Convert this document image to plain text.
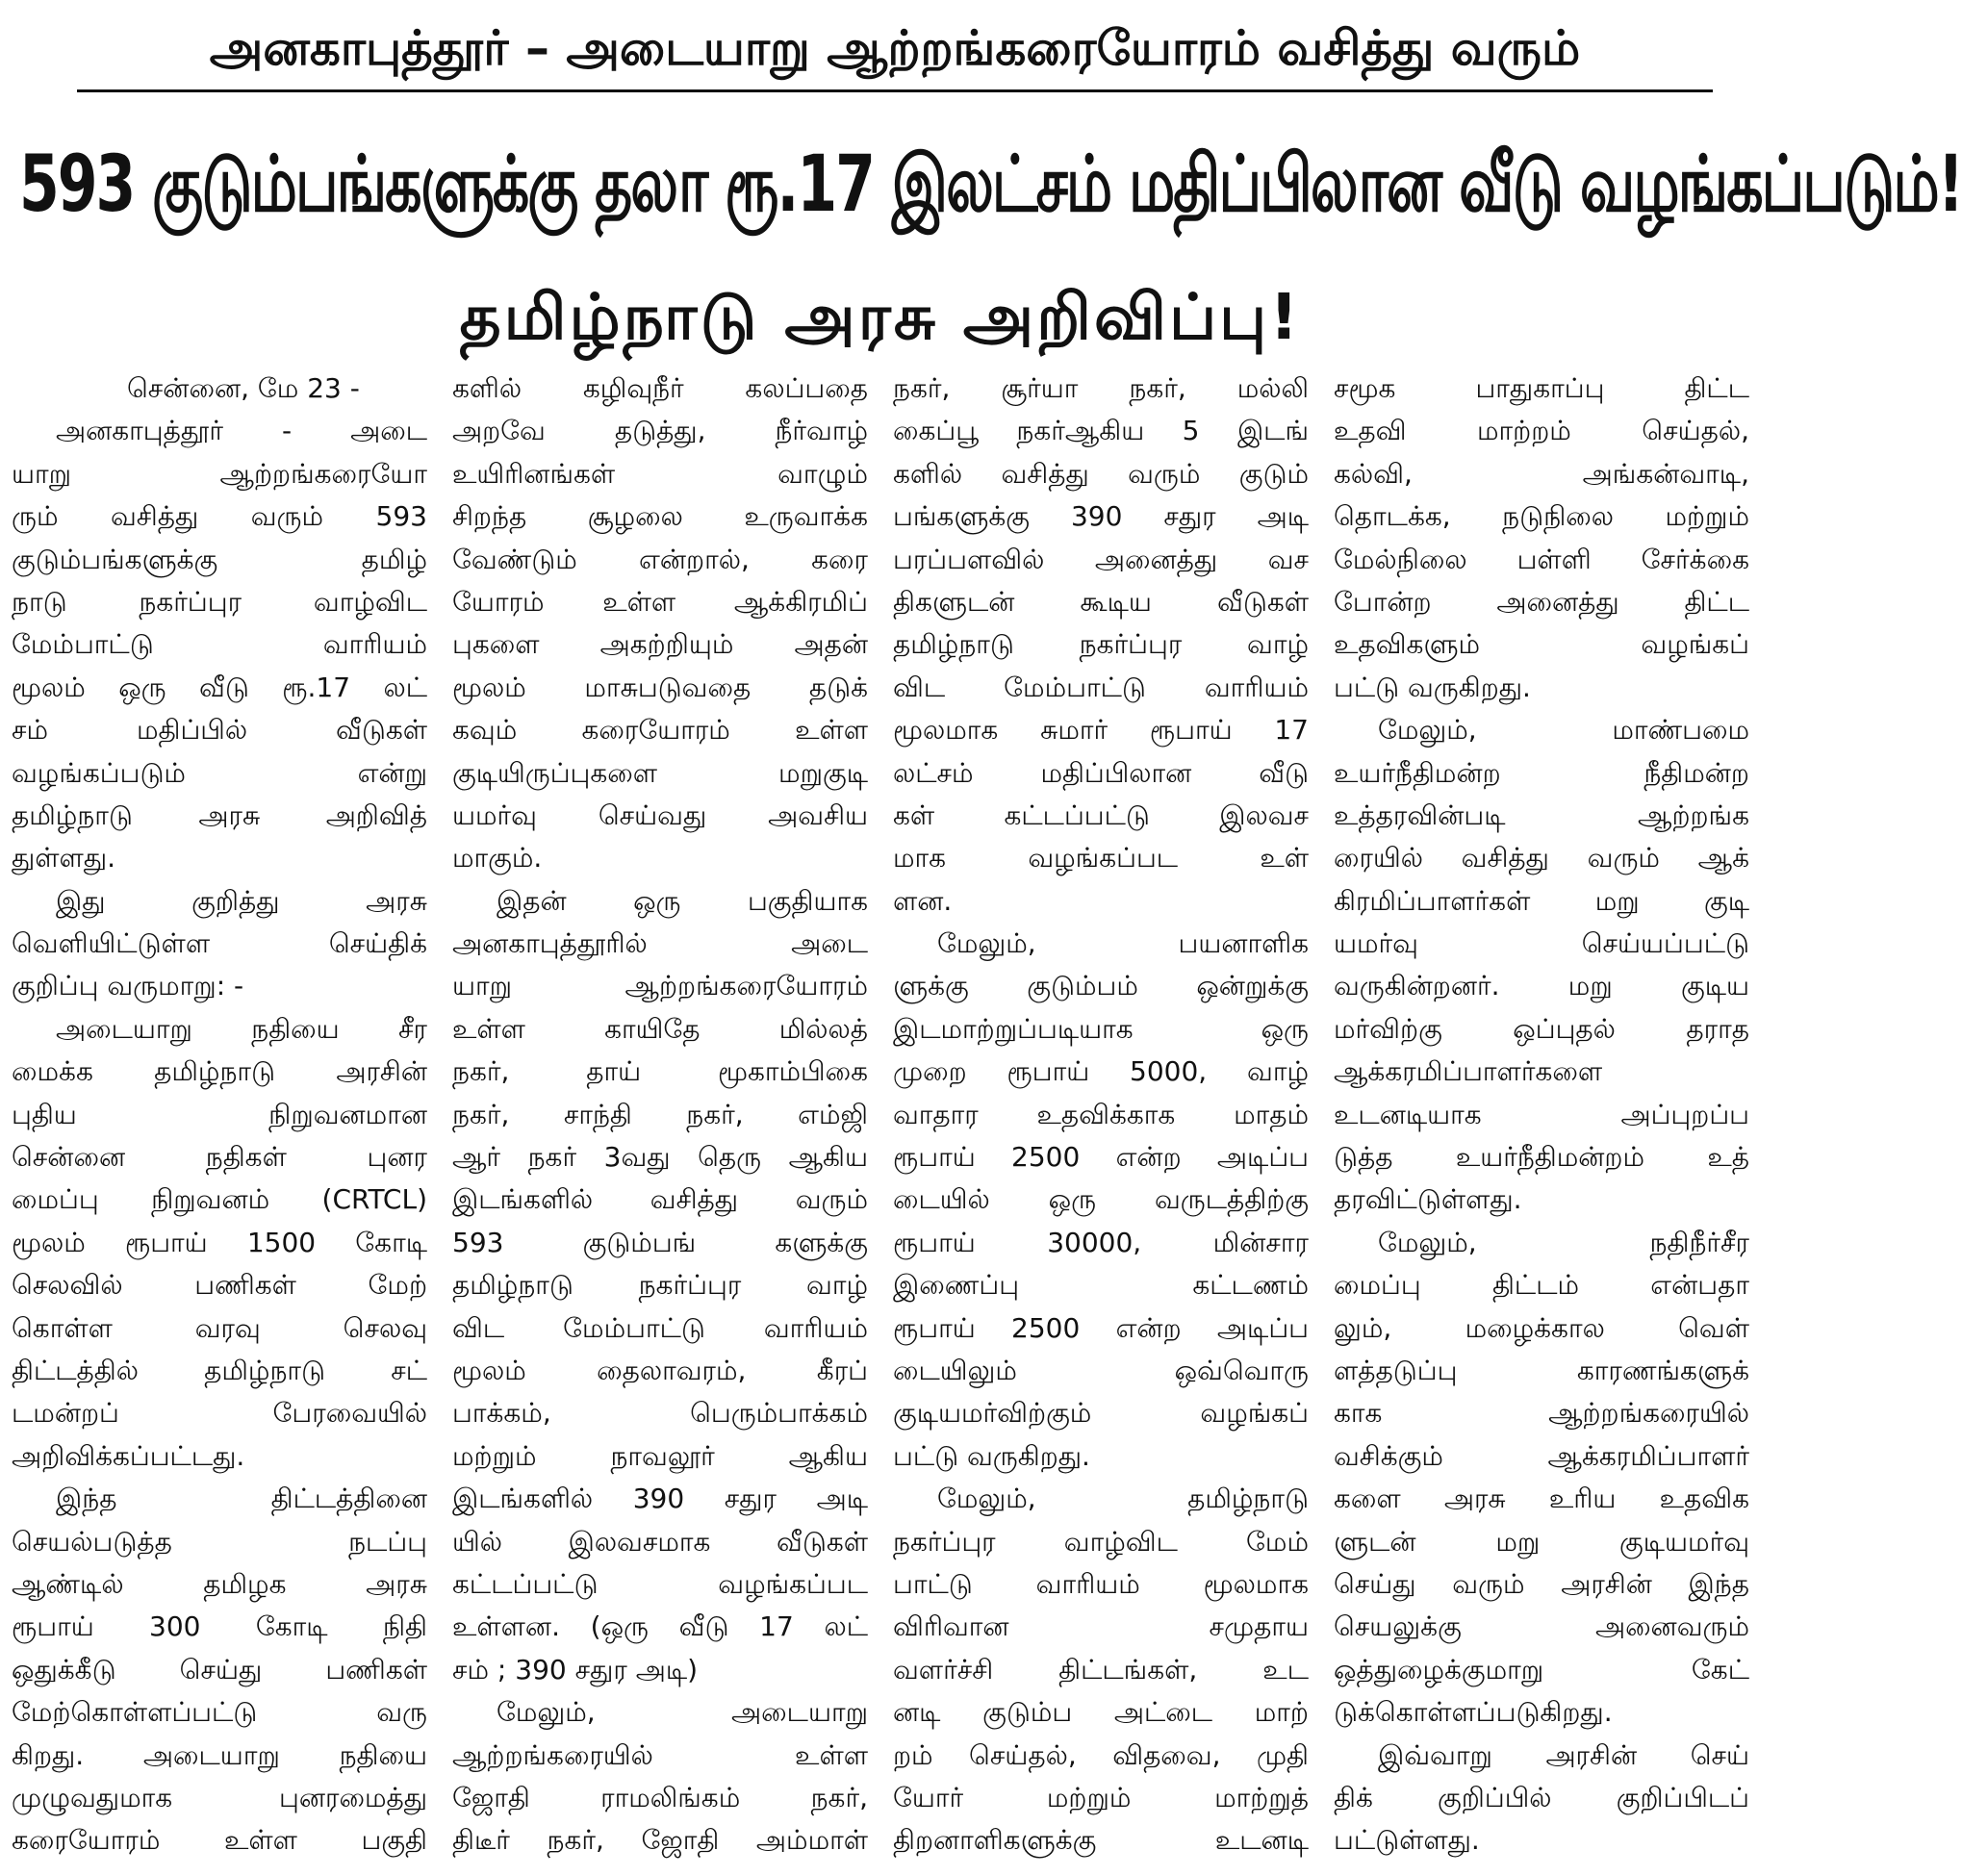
அனகாபுத்தூர் – அடையாறு ஆற்றங்கரையோரம் வசித்து வரும்
593 குடும்பங்களுக்கு தலா ரூ.17 இலட்சம் மதிப்பிலான வீடு வழங்கப்படும்!
தமிழ்நாடு அரசு அறிவிப்பு!
சென்னை, மே 23 -
அனகாபுத்தூர் - அடை
யாறு ஆற்றங்கரையோ
ரும் வசித்து வரும் 593
குடும்பங்களுக்கு தமிழ்
நாடு நகர்ப்புர வாழ்விட
மேம்பாட்டு வாரியம்
மூலம் ஒரு வீடு ரூ.17 லட்
சம் மதிப்பில் வீடுகள்
வழங்கப்படும் என்று
தமிழ்நாடு அரசு அறிவித்
துள்ளது.
இது குறித்து அரசு
வெளியிட்டுள்ள செய்திக்
குறிப்பு வருமாறு: -
அடையாறு நதியை சீர
மைக்க தமிழ்நாடு அரசின்
புதிய நிறுவனமான
சென்னை நதிகள் புனர
மைப்பு நிறுவனம் (CRTCL)
மூலம் ரூபாய் 1500 கோடி
செலவில் பணிகள் மேற்
கொள்ள வரவு செலவு
திட்டத்தில் தமிழ்நாடு சட்
டமன்றப் பேரவையில்
அறிவிக்கப்பட்டது.
இந்த திட்டத்தினை
செயல்படுத்த நடப்பு
ஆண்டில் தமிழக அரசு
ரூபாய் 300 கோடி நிதி
ஒதுக்கீடு செய்து பணிகள்
மேற்கொள்ளப்பட்டு வரு
கிறது. அடையாறு நதியை
முழுவதுமாக புனரமைத்து
கரையோரம் உள்ள பகுதி
களில் கழிவுநீர் கலப்பதை
அறவே தடுத்து, நீர்வாழ்
உயிரினங்கள் வாழும்
சிறந்த சூழலை உருவாக்க
வேண்டும் என்றால், கரை
யோரம் உள்ள ஆக்கிரமிப்
புகளை அகற்றியும் அதன்
மூலம் மாசுபடுவதை தடுக்
கவும் கரையோரம் உள்ள
குடியிருப்புகளை மறுகுடி
யமர்வு செய்வது அவசிய
மாகும்.
இதன் ஒரு பகுதியாக
அனகாபுத்தூரில் அடை
யாறு ஆற்றங்கரையோரம்
உள்ள காயிதே மில்லத்
நகர், தாய் மூகாம்பிகை
நகர், சாந்தி நகர், எம்ஜி
ஆர் நகர் 3வது தெரு ஆகிய
இடங்களில் வசித்து வரும்
593 குடும்பங் களுக்கு
தமிழ்நாடு நகர்ப்புர வாழ்
விட மேம்பாட்டு வாரியம்
மூலம் தைலாவரம், கீரப்
பாக்கம், பெரும்பாக்கம்
மற்றும் நாவலூர் ஆகிய
இடங்களில் 390 சதுர அடி
யில் இலவசமாக வீடுகள்
கட்டப்பட்டு வழங்கப்பட
உள்ளன. (ஒரு வீடு 17 லட்
சம் ; 390 சதுர அடி)
மேலும், அடையாறு
ஆற்றங்கரையில் உள்ள
ஜோதி ராமலிங்கம் நகர்,
திடீர் நகர், ஜோதி அம்மாள்
நகர், சூர்யா நகர், மல்லி
கைப்பூ நகர்ஆகிய 5 இடங்
களில் வசித்து வரும் குடும்
பங்களுக்கு 390 சதுர அடி
பரப்பளவில் அனைத்து வச
திகளுடன் கூடிய வீடுகள்
தமிழ்நாடு நகர்ப்புர வாழ்
விட மேம்பாட்டு வாரியம்
மூலமாக சுமார் ரூபாய் 17
லட்சம் மதிப்பிலான வீடு
கள் கட்டப்பட்டு இலவச
மாக வழங்கப்பட உள்
ளன.
மேலும், பயனாளிக
ளுக்கு குடும்பம் ஒன்றுக்கு
இடமாற்றுப்படியாக ஒரு
முறை ரூபாய் 5000, வாழ்
வாதார உதவிக்காக மாதம்
ரூபாய் 2500 என்ற அடிப்ப
டையில் ஒரு வருடத்திற்கு
ரூபாய் 30000, மின்சார
இணைப்பு கட்டணம்
ரூபாய் 2500 என்ற அடிப்ப
டையிலும் ஒவ்வொரு
குடியமர்விற்கும் வழங்கப்
பட்டு வருகிறது.
மேலும், தமிழ்நாடு
நகர்ப்புர வாழ்விட மேம்
பாட்டு வாரியம் மூலமாக
விரிவான சமுதாய
வளர்ச்சி திட்டங்கள், உட
னடி குடும்ப அட்டை மாற்
றம் செய்தல், விதவை, முதி
யோர் மற்றும் மாற்றுத்
திறனாளிகளுக்கு உடனடி
சமூக பாதுகாப்பு திட்ட
உதவி மாற்றம் செய்தல்,
கல்வி, அங்கன்வாடி,
தொடக்க, நடுநிலை மற்றும்
மேல்நிலை பள்ளி சேர்க்கை
போன்ற அனைத்து திட்ட
உதவிகளும் வழங்கப்
பட்டு வருகிறது.
மேலும், மாண்பமை
உயர்நீதிமன்ற நீதிமன்ற
உத்தரவின்படி ஆற்றங்க
ரையில் வசித்து வரும் ஆக்
கிரமிப்பாளர்கள் மறு குடி
யமர்வு செய்யப்பட்டு
வருகின்றனர். மறு குடிய
மர்விற்கு ஒப்புதல் தராத
ஆக்கரமிப்பாளர்களை
உடனடியாக அப்புறப்ப
டுத்த உயர்நீதிமன்றம் உத்
தரவிட்டுள்ளது.
மேலும், நதிநீர்சீர
மைப்பு திட்டம் என்பதா
லும், மழைக்கால வெள்
ளத்தடுப்பு காரணங்களுக்
காக ஆற்றங்கரையில்
வசிக்கும் ஆக்கரமிப்பாளர்
களை அரசு உரிய உதவிக
ளுடன் மறு குடியமர்வு
செய்து வரும் அரசின் இந்த
செயலுக்கு அனைவரும்
ஒத்துழைக்குமாறு கேட்
டுக்கொள்ளப்படுகிறது.
இவ்வாறு அரசின் செய்
திக் குறிப்பில் குறிப்பிடப்
பட்டுள்ளது.
